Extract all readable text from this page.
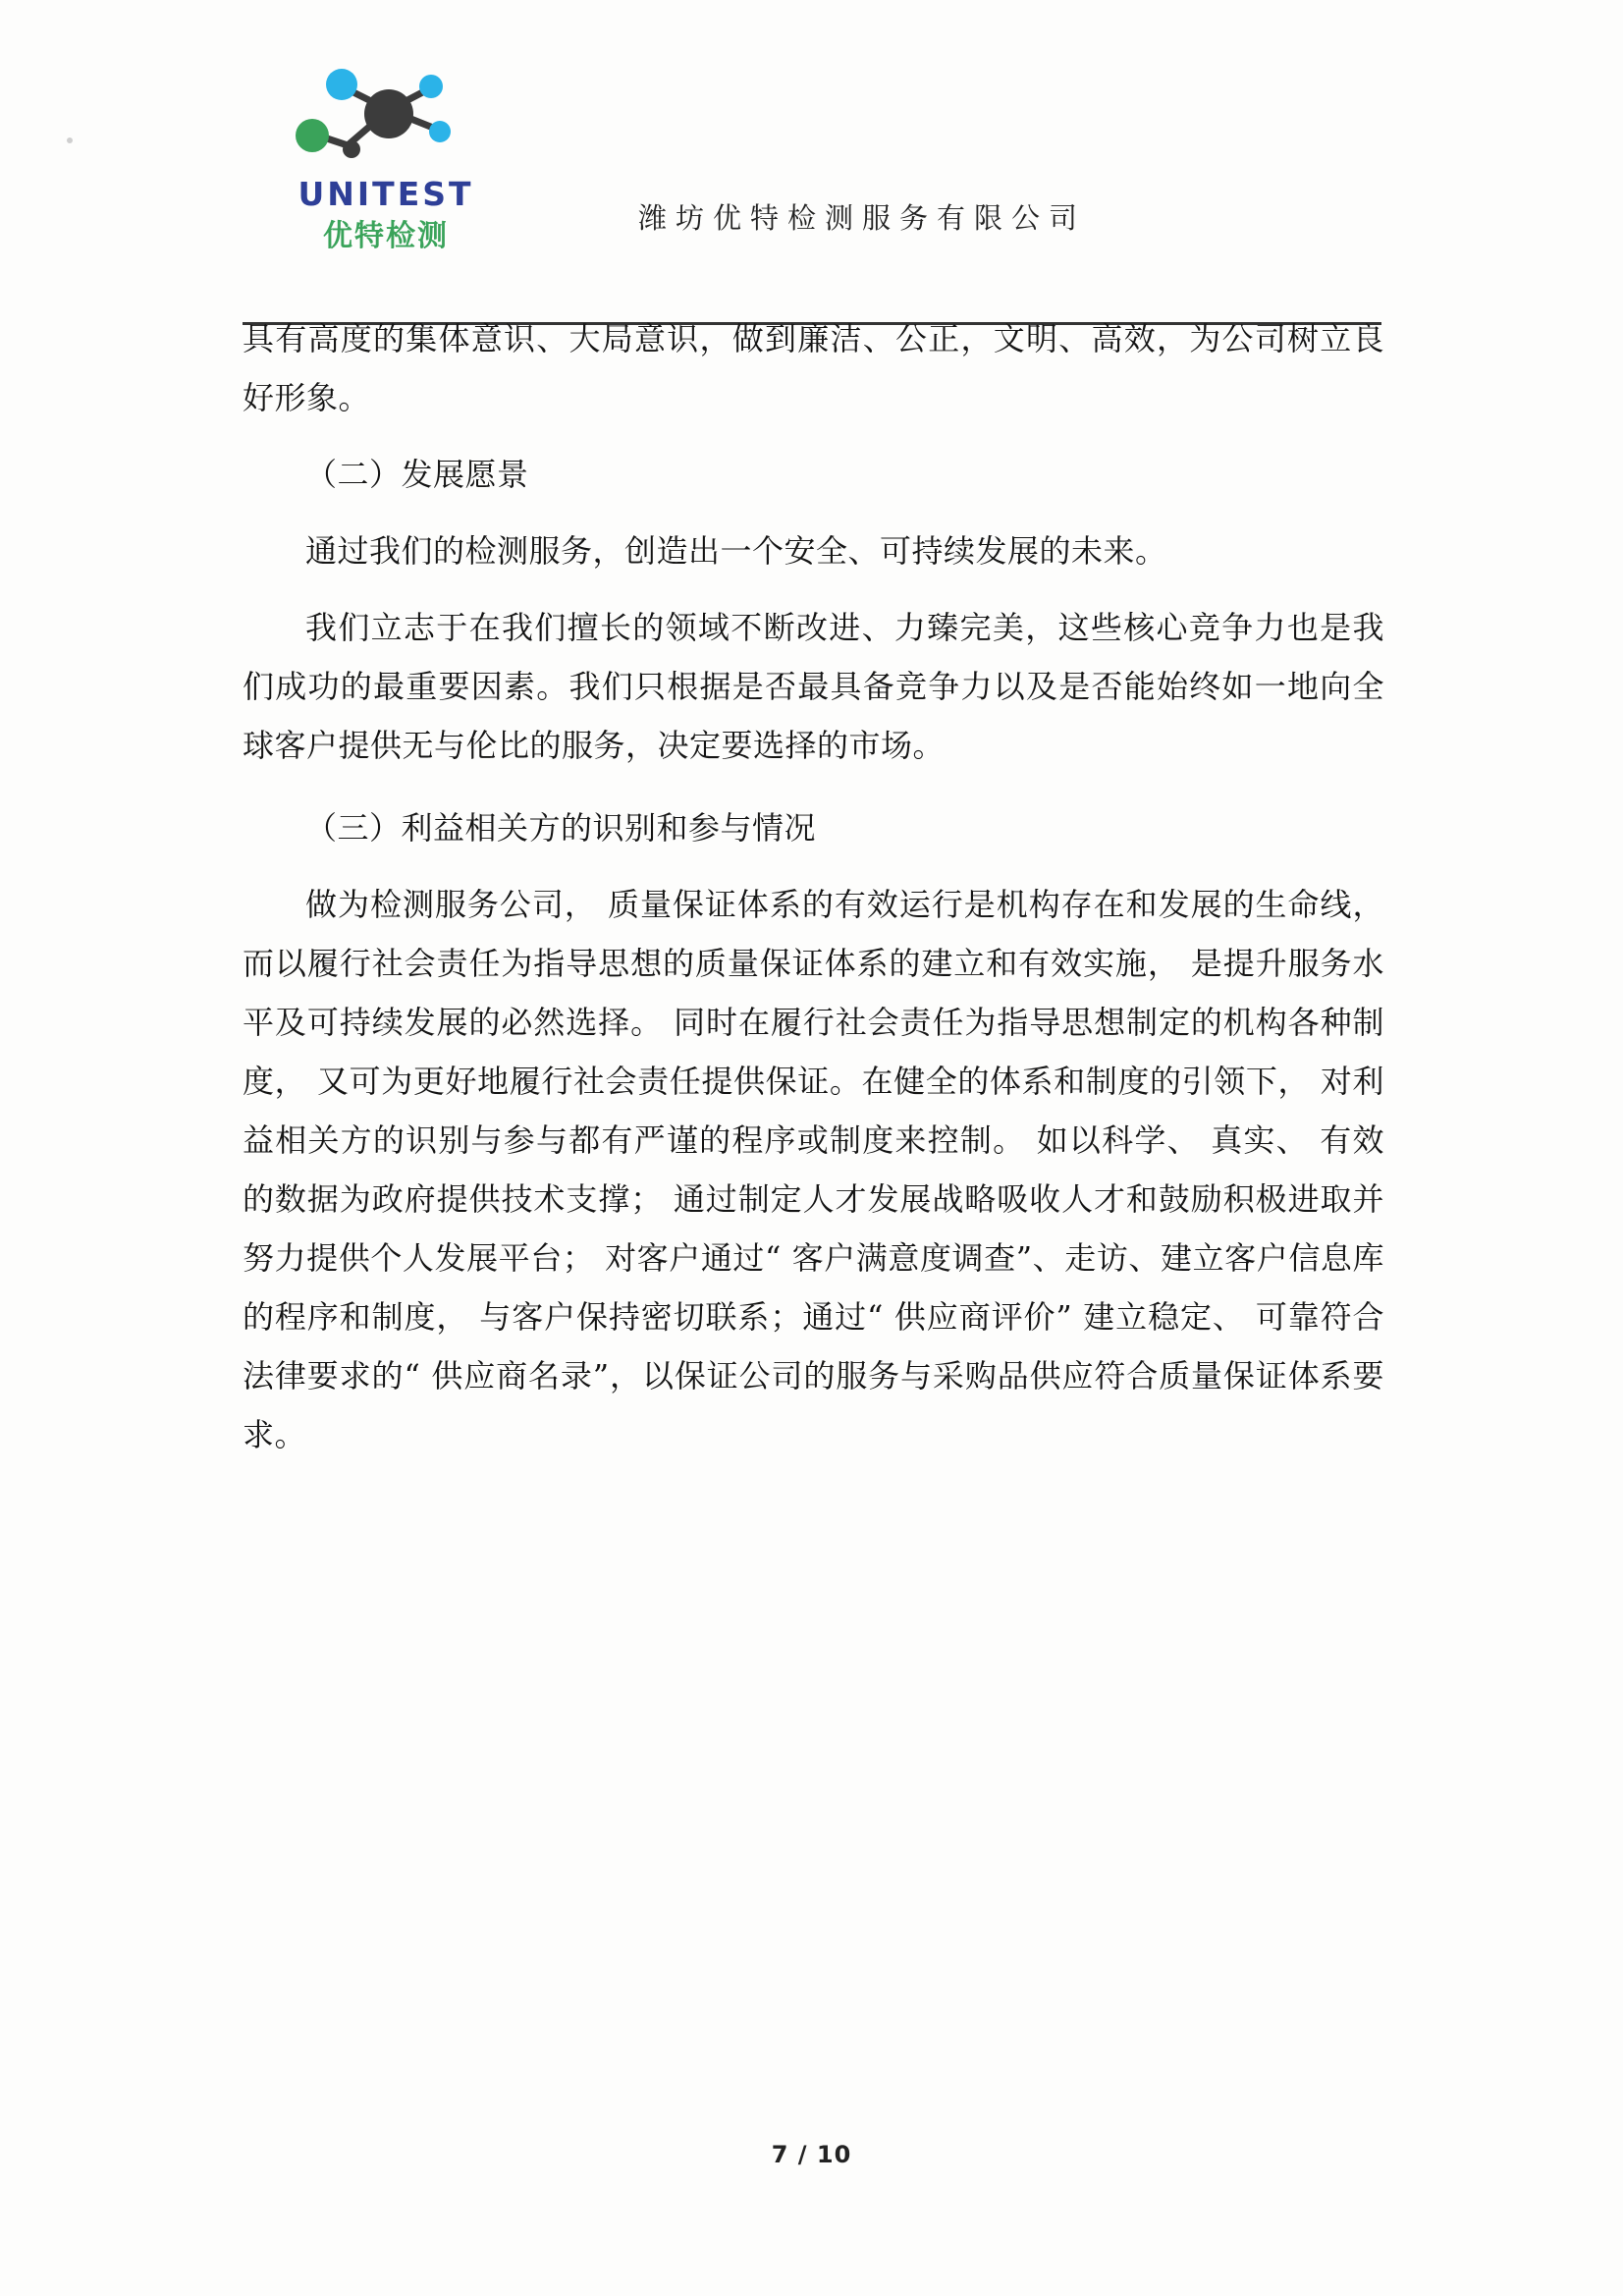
UNITEST
优特检测
潍坊优特检测服务有限公司

具有高度的集体意识、大局意识，做到廉洁、公正，文明、高效，为公司树立良好形象。

（二）发展愿景

通过我们的检测服务，创造出一个安全、可持续发展的未来。

我们立志于在我们擅长的领域不断改进、力臻完美，这些核心竞争力也是我们成功的最重要因素。我们只根据是否最具备竞争力以及是否能始终如一地向全球客户提供无与伦比的服务，决定要选择的市场。

（三）利益相关方的识别和参与情况

做为检测服务公司， 质量保证体系的有效运行是机构存在和发展的生命线， 而以履行社会责任为指导思想的质量保证体系的建立和有效实施， 是提升服务水平及可持续发展的必然选择。 同时在履行社会责任为指导思想制定的机构各种制度， 又可为更好地履行社会责任提供保证。在健全的体系和制度的引领下， 对利益相关方的识别与参与都有严谨的程序或制度来控制。 如以科学、 真实、 有效的数据为政府提供技术支撑； 通过制定人才发展战略吸收人才和鼓励积极进取并努力提供个人发展平台； 对客户通过“ 客户满意度调查”、走访、建立客户信息库的程序和制度， 与客户保持密切联系；通过“ 供应商评价” 建立稳定、 可靠符合法律要求的“ 供应商名录”，以保证公司的服务与采购品供应符合质量保证体系要求。

7 / 10
